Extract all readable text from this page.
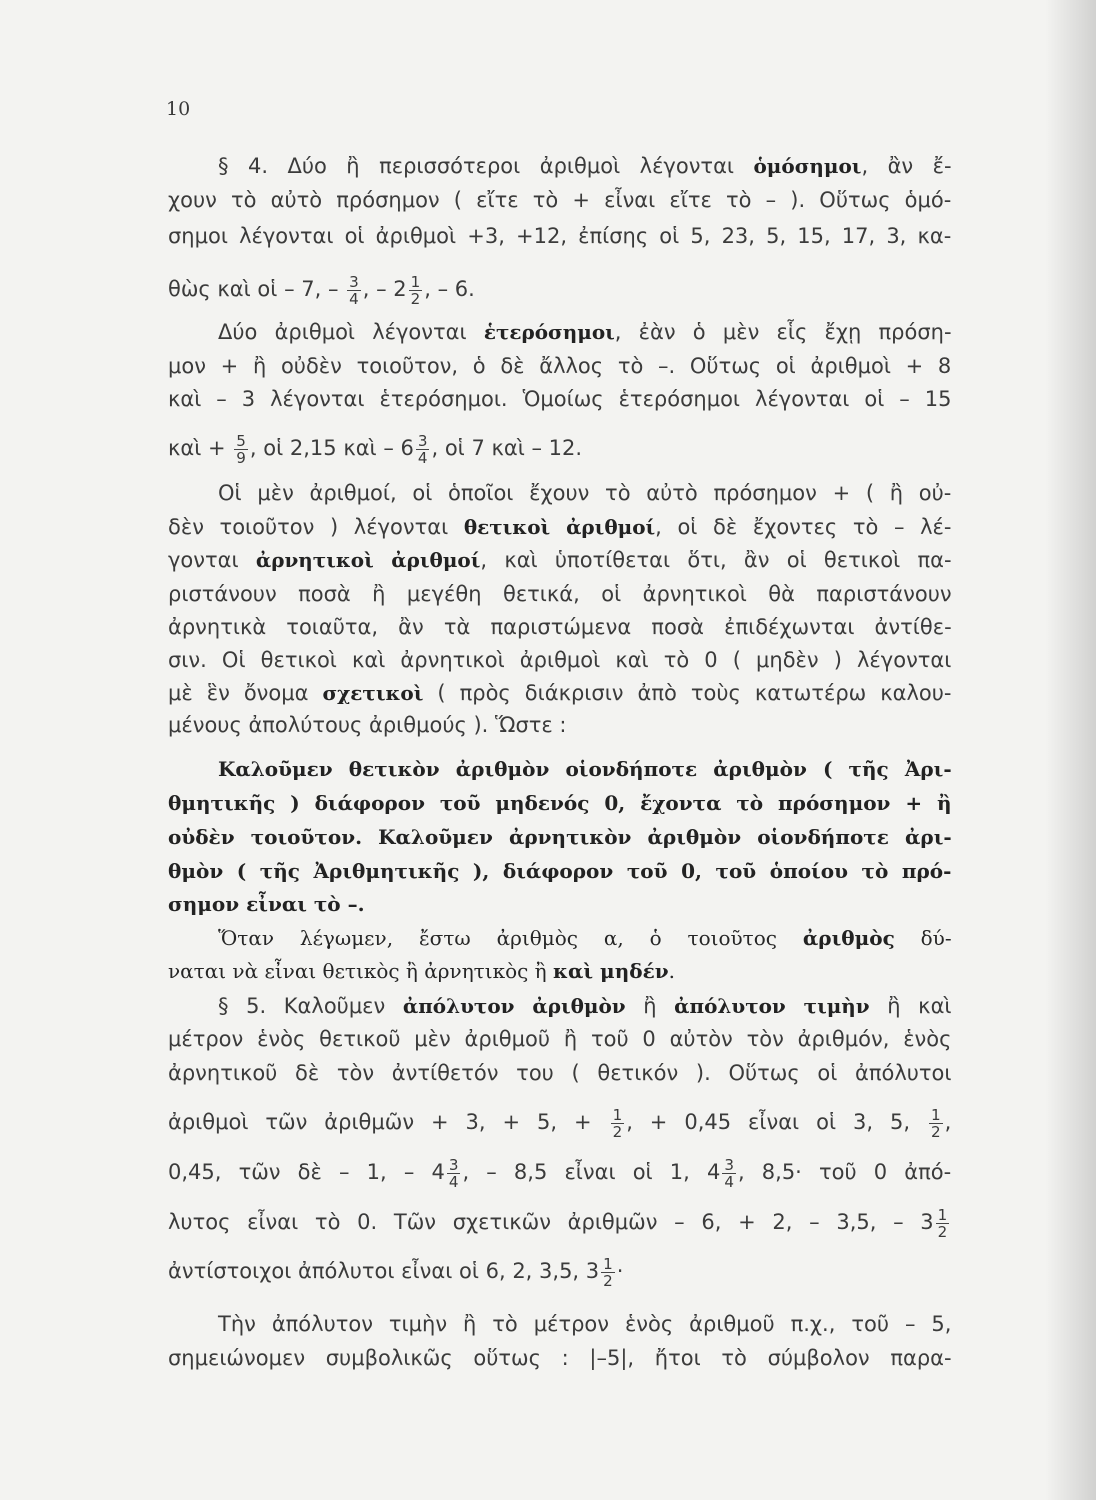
10
§ 4. Δύο ἢ περισσότεροι ἀριθμοὶ λέγονται ὁμόσημοι, ἂν ἔ-
χουν τὸ αὐτὸ πρόσημον ( εἴτε τὸ + εἶναι εἴτε τὸ – ). Οὕτως ὁμό-
σημοι λέγονται οἱ ἀριθμοὶ +3, +12, ἐπίσης οἱ 5, 23, 5, 15, 17, 3, κα-
θὼς καὶ οἱ – 7, – $\frac{3}{4}$ , – $2 \frac{1}{2}$ , – 6.
Δύο ἀριθμοὶ λέγονται ἑτερόσημοι, ἐὰν ὁ μὲν εἷς ἔχῃ πρόση-
μον + ἢ οὐδὲν τοιοῦτον, ὁ δὲ ἄλλος τὸ –. Οὕτως οἱ ἀριθμοὶ + 8
καὶ – 3 λέγονται ἑτερόσημοι. Ὁμοίως ἑτερόσημοι λέγονται οἱ – 15
καὶ + $\frac{5}{9}$ , οἱ 2,15 καὶ – $6 \frac{3}{4}$ , οἱ 7 καὶ – 12.
Οἱ μὲν ἀριθμοί, οἱ ὁποῖοι ἔχουν τὸ αὐτὸ πρόσημον + ( ἢ οὐ-
δὲν τοιοῦτον ) λέγονται θετικοὶ ἀριθμοί, οἱ δὲ ἔχοντες τὸ – λέ-
γονται ἀρνητικοὶ ἀριθμοί, καὶ ὑποτίθεται ὅτι, ἂν οἱ θετικοὶ πα-
ριστάνουν ποσὰ ἢ μεγέθη θετικά, οἱ ἀρνητικοὶ θὰ παριστάνουν
ἀρνητικὰ τοιαῦτα, ἂν τὰ παριστώμενα ποσὰ ἐπιδέχωνται ἀντίθε-
σιν. Οἱ θετικοὶ καὶ ἀρνητικοὶ ἀριθμοὶ καὶ τὸ 0 ( μηδὲν ) λέγονται
μὲ ἓν ὄνομα σχετικοὶ ( πρὸς διάκρισιν ἀπὸ τοὺς κατωτέρω καλου-
μένους ἀπολύτους ἀριθμούς ). Ὥστε :
Καλοῦμεν θετικὸν ἀριθμὸν οἱονδήποτε ἀριθμὸν ( τῆς Ἀρι-
θμητικῆς ) διάφορον τοῦ μηδενός 0, ἔχοντα τὸ πρόσημον + ἢ
οὐδὲν τοιοῦτον. Καλοῦμεν ἀρνητικὸν ἀριθμὸν οἱονδήποτε ἀρι-
θμὸν ( τῆς Ἀριθμητικῆς ), διάφορον τοῦ 0, τοῦ ὁποίου τὸ πρό-
σημον εἶναι τὸ –.
Ὅταν λέγωμεν, ἔστω ἀριθμὸς α, ὁ τοιοῦτος ἀριθμὸς δύ-
ναται νὰ εἶναι θετικὸς ἢ ἀρνητικὸς ἢ καὶ μηδέν.
§ 5. Καλοῦμεν ἀπόλυτον ἀριθμὸν ἢ ἀπόλυτον τιμὴν ἢ καὶ
μέτρον ἑνὸς θετικοῦ μὲν ἀριθμοῦ ἢ τοῦ 0 αὐτὸν τὸν ἀριθμόν, ἑνὸς
ἀρνητικοῦ δὲ τὸν ἀντίθετόν του ( θετικόν ). Οὕτως οἱ ἀπόλυτοι
ἀριθμοὶ τῶν ἀριθμῶν + 3, + 5, + $\frac{1}{2}$ , + 0,45 εἶναι οἱ 3, 5, $\frac{1}{2}$ ,
0,45, τῶν δὲ – 1, – $4 \frac{3}{4}$ , – 8,5 εἶναι οἱ 1, $4 \frac{3}{4}$ , 8,5· τοῦ 0 ἀπό-
λυτος εἶναι τὸ 0. Τῶν σχετικῶν ἀριθμῶν – 6, + 2, – 3,5, – $3 \frac{1}{2}$
ἀντίστοιχοι ἀπόλυτοι εἶναι οἱ 6, 2, 3,5, $3 \frac{1}{2}$ ·
Τὴν ἀπόλυτον τιμὴν ἢ τὸ μέτρον ἑνὸς ἀριθμοῦ π.χ., τοῦ – 5,
σημειώνομεν συμβολικῶς οὕτως : |–5|, ἤτοι τὸ σύμβολον παρα-
